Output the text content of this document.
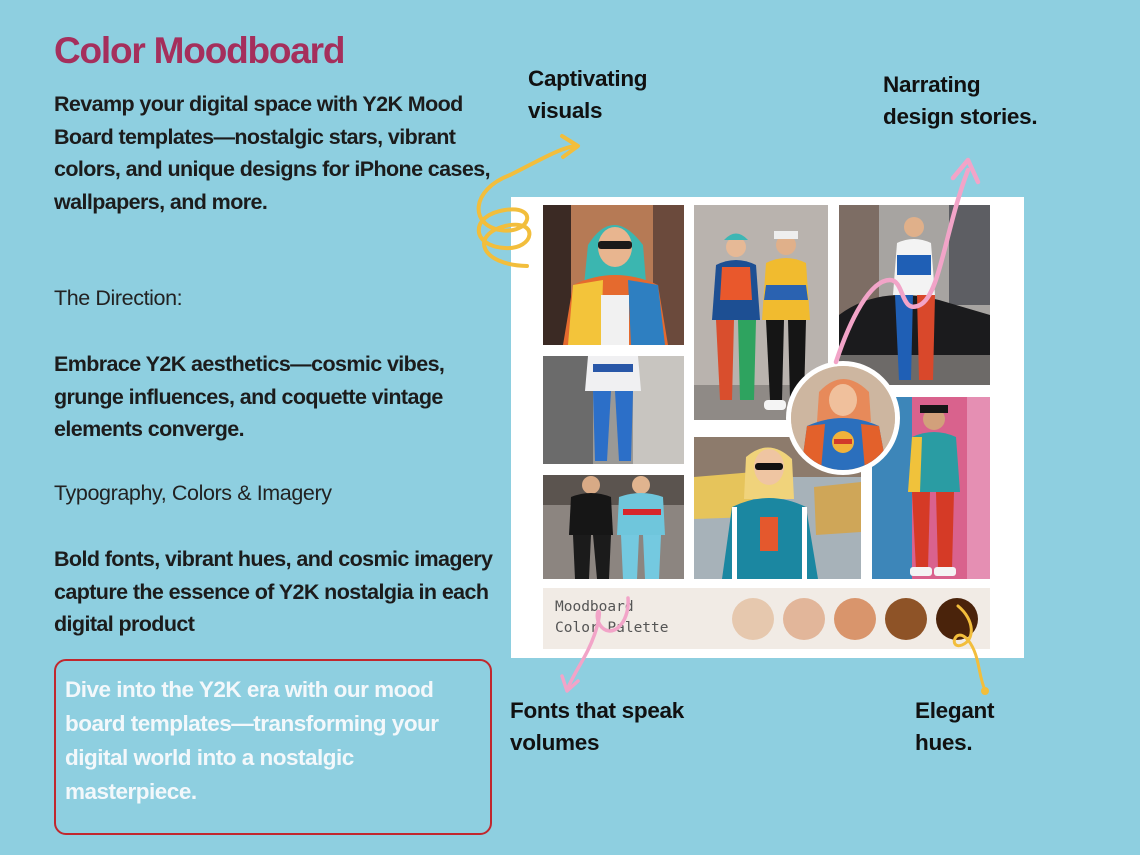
Color Moodboard

Revamp your digital space with Y2K Mood Board templates—nostalgic stars, vibrant colors, and unique designs for iPhone cases, wallpapers, and more.

The Direction:

Embrace Y2K aesthetics—cosmic vibes, grunge influences, and coquette vintage elements converge.

Typography, Colors & Imagery

Bold fonts, vibrant hues, and cosmic imagery capture the essence of Y2K nostalgia in each digital product

Dive into the Y2K era with our mood board templates—transforming your digital world into a nostalgic masterpiece.
Captivating
visuals
Narrating
design stories.
Fonts that speak
volumes
Elegant
hues.

Moodboard
Color Palette
